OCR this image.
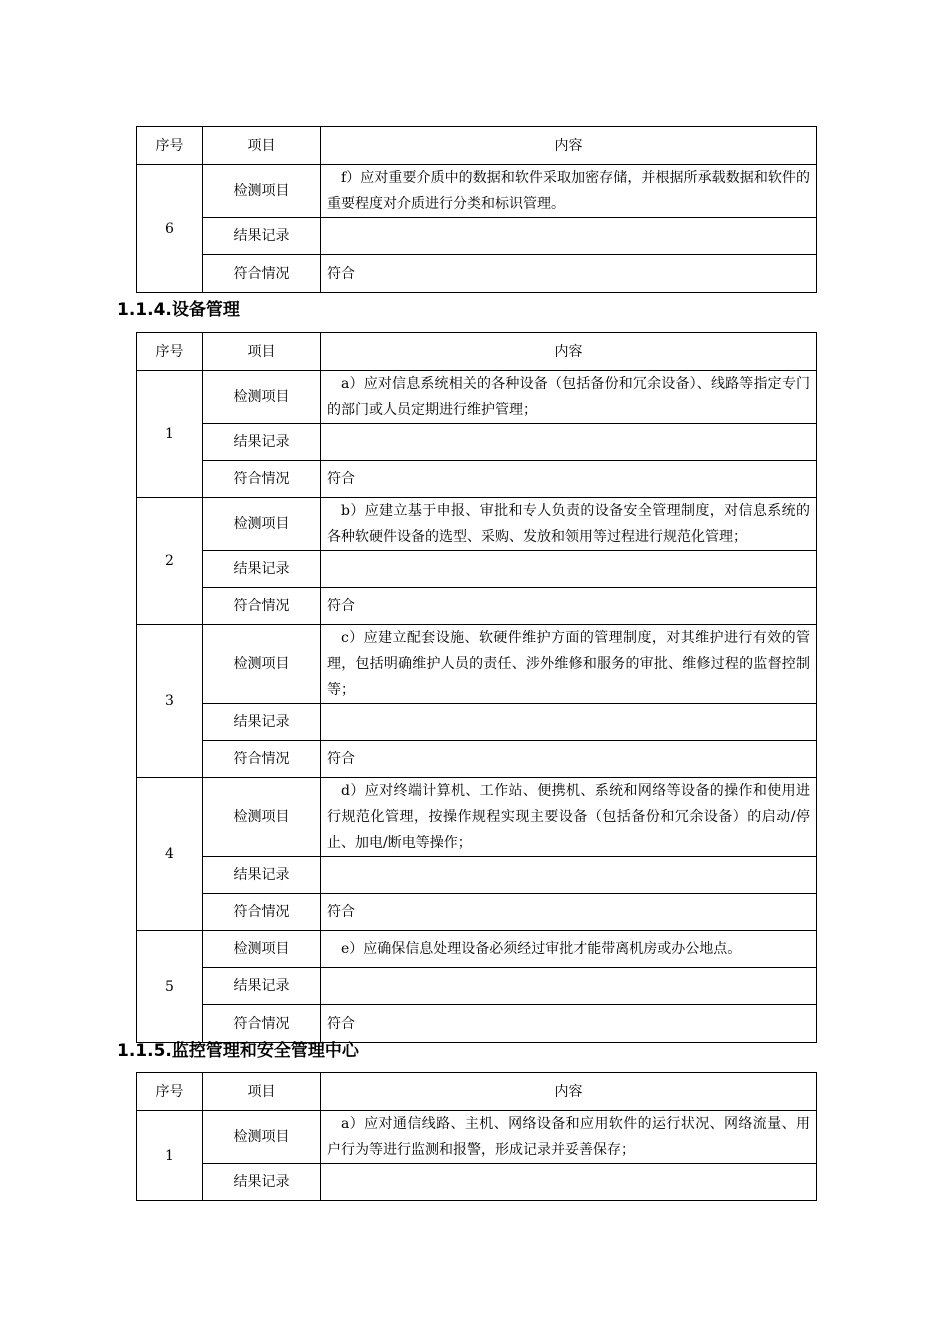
序号	项目	内容
6	检测项目	f）应对重要介质中的数据和软件采取加密存储，并根据所承载数据和软件的重要程度对介质进行分类和标识管理。
	结果记录	
	符合情况	符合
1.1.4.设备管理
序号	项目	内容
1	检测项目	a）应对信息系统相关的各种设备（包括备份和冗余设备）、线路等指定专门的部门或人员定期进行维护管理；
	结果记录	
	符合情况	符合
2	检测项目	b）应建立基于申报、审批和专人负责的设备安全管理制度，对信息系统的各种软硬件设备的选型、采购、发放和领用等过程进行规范化管理；
	结果记录	
	符合情况	符合
3	检测项目	c）应建立配套设施、软硬件维护方面的管理制度，对其维护进行有效的管理，包括明确维护人员的责任、涉外维修和服务的审批、维修过程的监督控制等；
	结果记录	
	符合情况	符合
4	检测项目	d）应对终端计算机、工作站、便携机、系统和网络等设备的操作和使用进行规范化管理，按操作规程实现主要设备（包括备份和冗余设备）的启动/停止、加电/断电等操作；
	结果记录	
	符合情况	符合
5	检测项目	e）应确保信息处理设备必须经过审批才能带离机房或办公地点。
	结果记录	
	符合情况	符合
1.1.5.监控管理和安全管理中心
序号	项目	内容
1	检测项目	a）应对通信线路、主机、网络设备和应用软件的运行状况、网络流量、用户行为等进行监测和报警，形成记录并妥善保存；
	结果记录	
